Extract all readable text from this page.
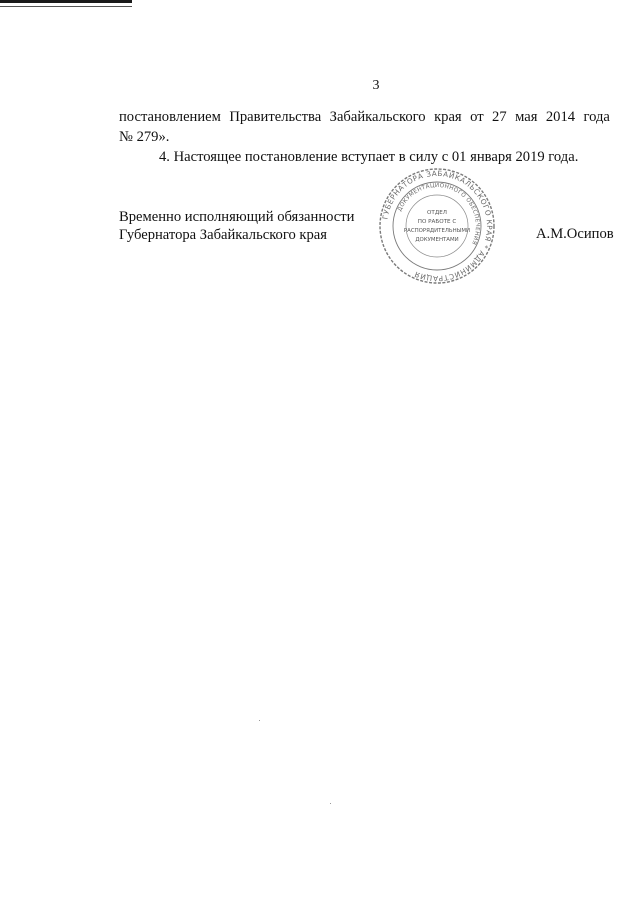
3
постановлением Правительства Забайкальского края от 27 мая 2014 года
№ 279».
4. Настоящее постановление вступает в силу с 01 января 2019 года.
Временно исполняющий обязанности
Губернатора Забайкальского края	А.М.Осипов
ГУБЕРНАТОРА ЗАБАЙКАЛЬСКОГО КРАЯ * АДМИНИСТРАЦИЯ
ДОКУМЕНТАЦИОННОГО ОБЕСПЕЧЕНИЯ
ОТДЕЛ
ПО РАБОТЕ С
РАСПОРЯДИТЕЛЬНЫМИ
ДОКУМЕНТАМИ
